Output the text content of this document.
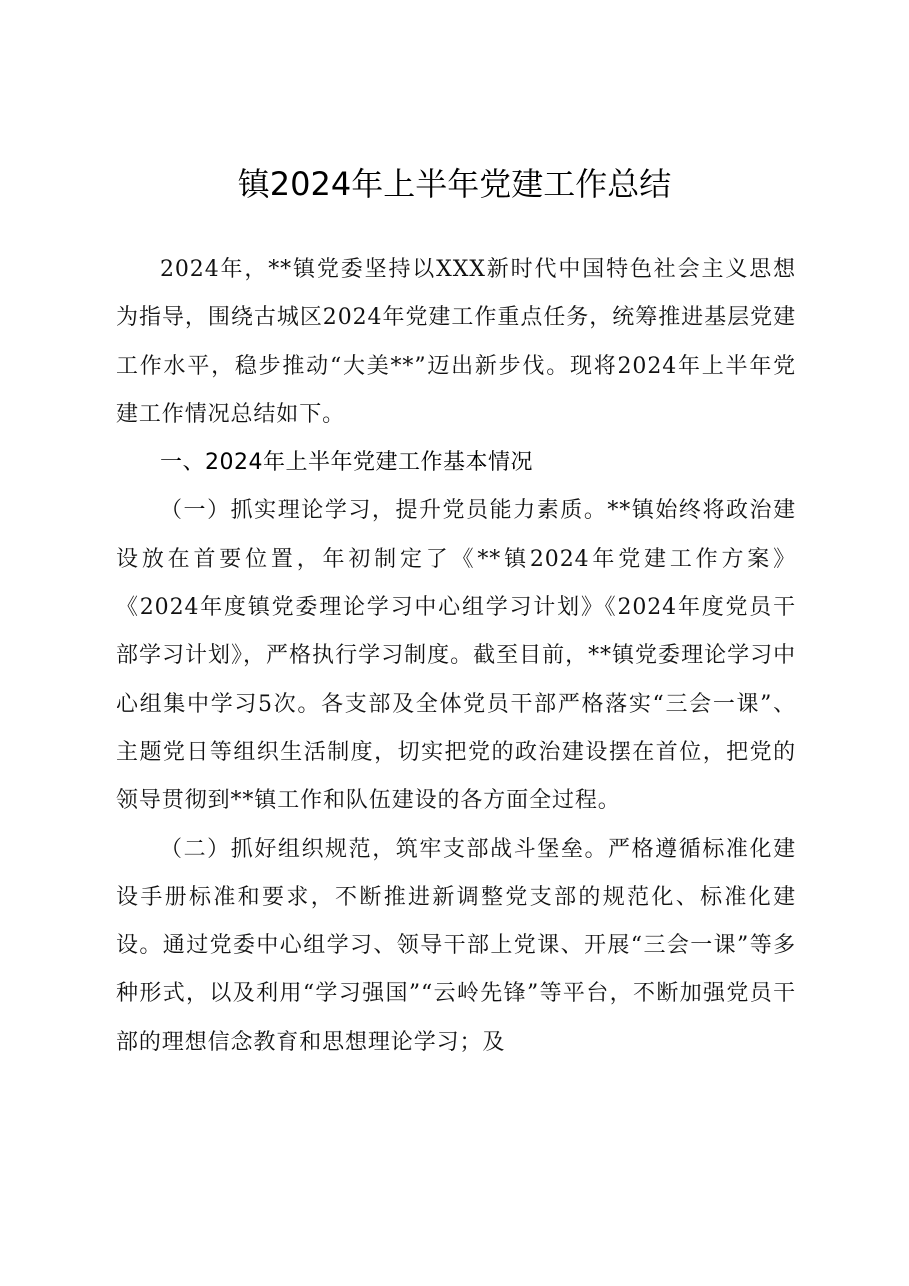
镇2024年上半年党建工作总结

2024年，**镇党委坚持以XXX新时代中国特色社会主义思想为指导，围绕古城区2024年党建工作重点任务，统筹推进基层党建工作水平，稳步推动“大美**”迈出新步伐。现将2024年上半年党建工作情况总结如下。

一、2024年上半年党建工作基本情况

（一）抓实理论学习，提升党员能力素质。**镇始终将政治建设放在首要位置，年初制定了《**镇2024年党建工作方案》《2024年度镇党委理论学习中心组学习计划》《2024年度党员干部学习计划》，严格执行学习制度。截至目前，**镇党委理论学习中心组集中学习5次。各支部及全体党员干部严格落实“三会一课”、主题党日等组织生活制度，切实把党的政治建设摆在首位，把党的领导贯彻到**镇工作和队伍建设的各方面全过程。

（二）抓好组织规范，筑牢支部战斗堡垒。严格遵循标准化建设手册标准和要求，不断推进新调整党支部的规范化、标准化建设。通过党委中心组学习、领导干部上党课、开展“三会一课”等多种形式，以及利用“学习强国”“云岭先锋”等平台，不断加强党员干部的理想信念教育和思想理论学习；及
